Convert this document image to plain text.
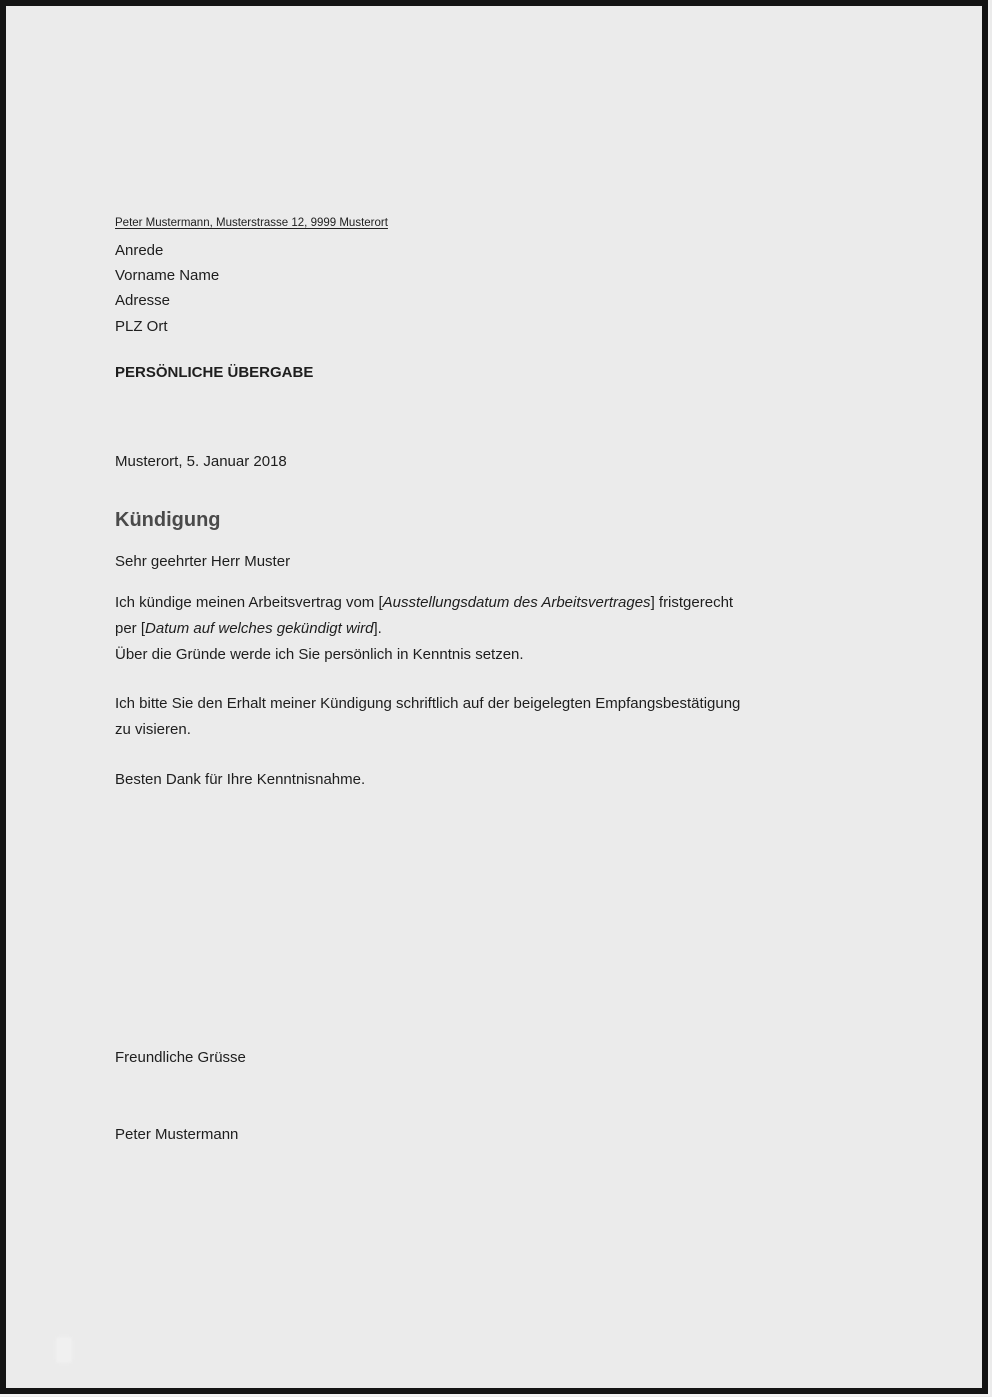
Peter Mustermann, Musterstrasse 12, 9999 Musterort
Anrede
Vorname Name
Adresse
PLZ Ort
PERSÖNLICHE ÜBERGABE
Musterort, 5. Januar 2018
Kündigung
Sehr geehrter Herr Muster
Ich kündige meinen Arbeitsvertrag vom [Ausstellungsdatum des Arbeitsvertrages] fristgerecht
per [Datum auf welches gekündigt wird].
Über die Gründe werde ich Sie persönlich in Kenntnis setzen.
Ich bitte Sie den Erhalt meiner Kündigung schriftlich auf der beigelegten Empfangsbestätigung
zu visieren.
Besten Dank für Ihre Kenntnisnahme.
Freundliche Grüsse
Peter Mustermann
